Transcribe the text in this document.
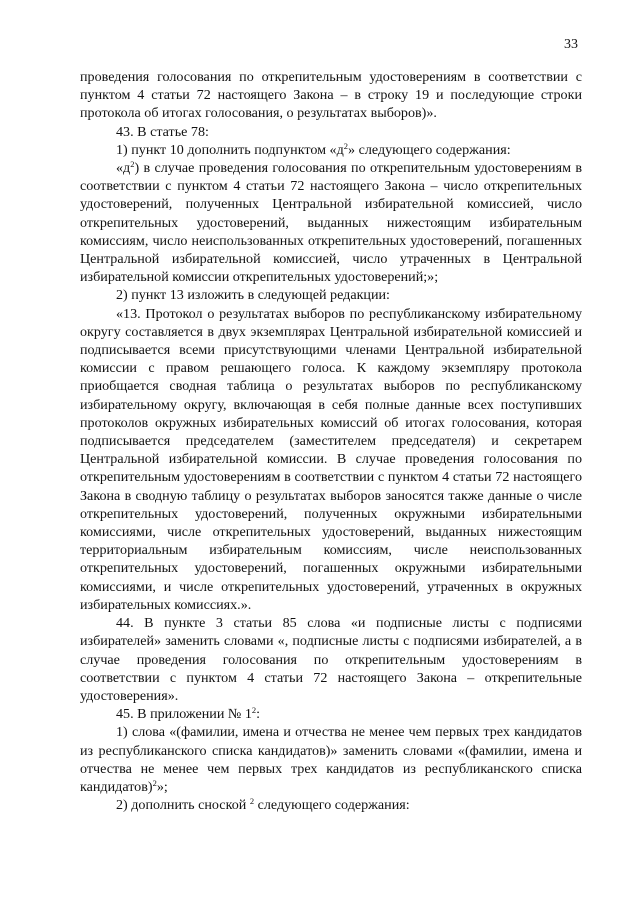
33

проведения голосования по открепительным удостоверениям в соответствии с пунктом 4 статьи 72 настоящего Закона – в строку 19 и последующие строки протокола об итогах голосования, о результатах выборов)».

43. В статье 78:

1) пункт 10 дополнить подпунктом «$д^2$» следующего содержания:

«$д^2$) в случае проведения голосования по открепительным удостоверениям в соответствии с пунктом 4 статьи 72 настоящего Закона – число открепительных удостоверений, полученных Центральной избирательной комиссией, число открепительных удостоверений, выданных нижестоящим избирательным комиссиям, число неиспользованных открепительных удостоверений, погашенных Центральной избирательной комиссией, число утраченных в Центральной избирательной комиссии открепительных удостоверений;»;

2) пункт 13 изложить в следующей редакции:

«13. Протокол о результатах выборов по республиканскому избирательному округу составляется в двух экземплярах Центральной избирательной комиссией и подписывается всеми присутствующими членами Центральной избирательной комиссии с правом решающего голоса. К каждому экземпляру протокола приобщается сводная таблица о результатах выборов по республиканскому избирательному округу, включающая в себя полные данные всех поступивших протоколов окружных избирательных комиссий об итогах голосования, которая подписывается председателем (заместителем председателя) и секретарем Центральной избирательной комиссии. В случае проведения голосования по открепительным удостоверениям в соответствии с пунктом 4 статьи 72 настоящего Закона в сводную таблицу о результатах выборов заносятся также данные о числе открепительных удостоверений, полученных окружными избирательными комиссиями, числе открепительных удостоверений, выданных нижестоящим территориальным избирательным комиссиям, числе неиспользованных открепительных удостоверений, погашенных окружными избирательными комиссиями, и числе открепительных удостоверений, утраченных в окружных избирательных комиссиях.».

44. В пункте 3 статьи 85 слова «и подписные листы с подписями избирателей» заменить словами «, подписные листы с подписями избирателей, а в случае проведения голосования по открепительным удостоверениям в соответствии с пунктом 4 статьи 72 настоящего Закона – открепительные удостоверения».

45. В приложении № $1^2$:

1) слова «(фамилии, имена и отчества не менее чем первых трех кандидатов из республиканского списка кандидатов)» заменить словами «(фамилии, имена и отчества не менее чем первых трех кандидатов из республиканского списка кандидатов)$^2$»;

2) дополнить сноской $^2$ следующего содержания:
